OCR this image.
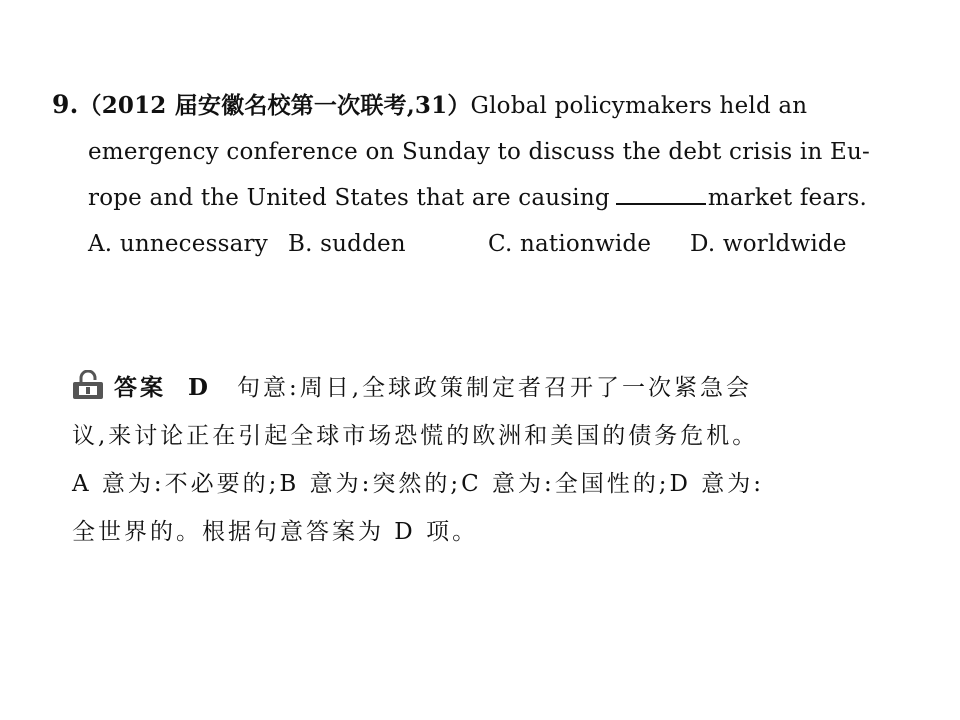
9.（2012 届安徽名校第一次联考,31）Global policymakers held an
emergency conference on Sunday to discuss the debt crisis in Eu-
rope and the United States that are causing	market fears.
A. unnecessary B. sudden	C. nationwide D. worldwide
答案 D 句意:周日,全球政策制定者召开了一次紧急会
议,来讨论正在引起全球市场恐慌的欧洲和美国的债务危机。
A 意为:不必要的;B 意为:突然的;C 意为:全国性的;D 意为:
全世界的。根据句意答案为 D 项。
